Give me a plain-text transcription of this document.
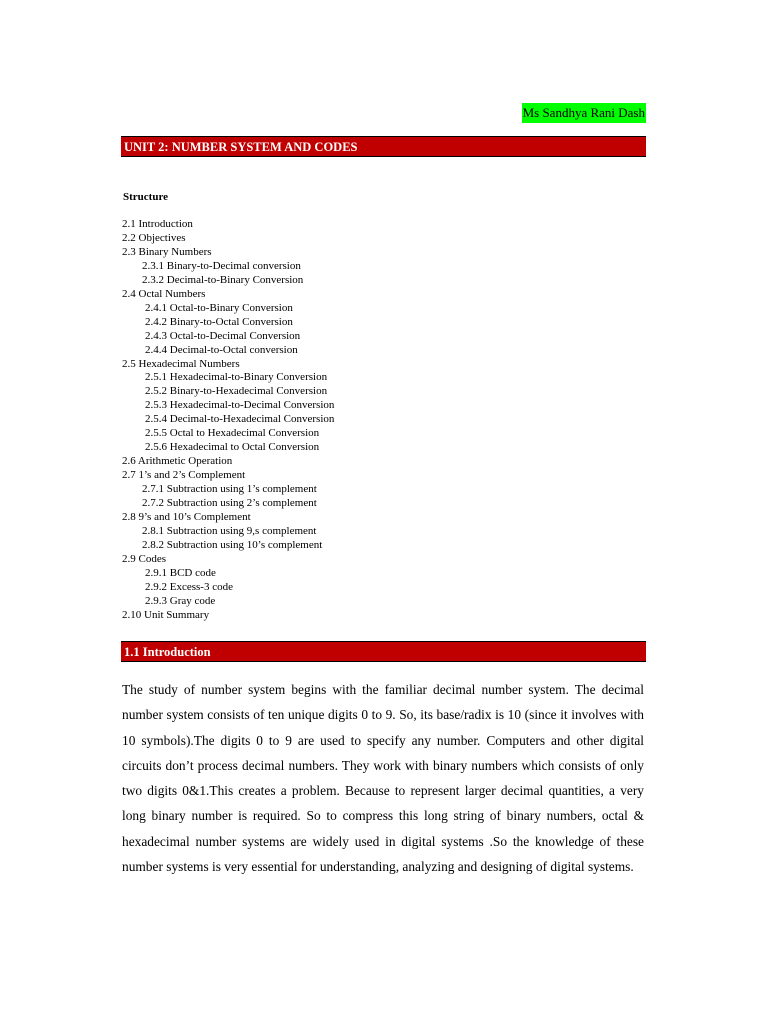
Ms Sandhya Rani Dash
UNIT 2: NUMBER SYSTEM AND CODES
Structure
2.1 Introduction
2.2 Objectives
2.3 Binary Numbers
2.3.1 Binary-to-Decimal conversion
2.3.2 Decimal-to-Binary Conversion
2.4 Octal Numbers
2.4.1 Octal-to-Binary Conversion
2.4.2 Binary-to-Octal Conversion
2.4.3 Octal-to-Decimal Conversion
2.4.4 Decimal-to-Octal conversion
2.5 Hexadecimal Numbers
2.5.1 Hexadecimal-to-Binary Conversion
2.5.2 Binary-to-Hexadecimal Conversion
2.5.3 Hexadecimal-to-Decimal Conversion
2.5.4 Decimal-to-Hexadecimal Conversion
2.5.5 Octal to Hexadecimal Conversion
2.5.6 Hexadecimal to Octal Conversion
2.6 Arithmetic Operation
2.7 1’s and 2’s Complement
2.7.1 Subtraction using 1’s complement
2.7.2 Subtraction using 2’s complement
2.8 9’s and 10’s Complement
2.8.1 Subtraction using 9,s complement
2.8.2 Subtraction using 10’s complement
2.9 Codes
2.9.1 BCD code
2.9.2 Excess-3 code
2.9.3 Gray code
2.10 Unit Summary
1.1 Introduction

The study of number system begins with the familiar decimal number system. The decimal number system consists of ten unique digits 0 to 9. So, its base/radix is 10 (since it involves with 10 symbols).The digits 0 to 9 are used to specify any number. Computers and other digital circuits don’t process decimal numbers. They work with binary numbers which consists of only two digits 0&1.This creates a problem. Because to represent larger decimal quantities, a very long binary number is required. So to compress this long string of binary numbers, octal & hexadecimal number systems are widely used in digital systems .So the knowledge of these number systems is very essential for understanding, analyzing and designing of digital systems.
